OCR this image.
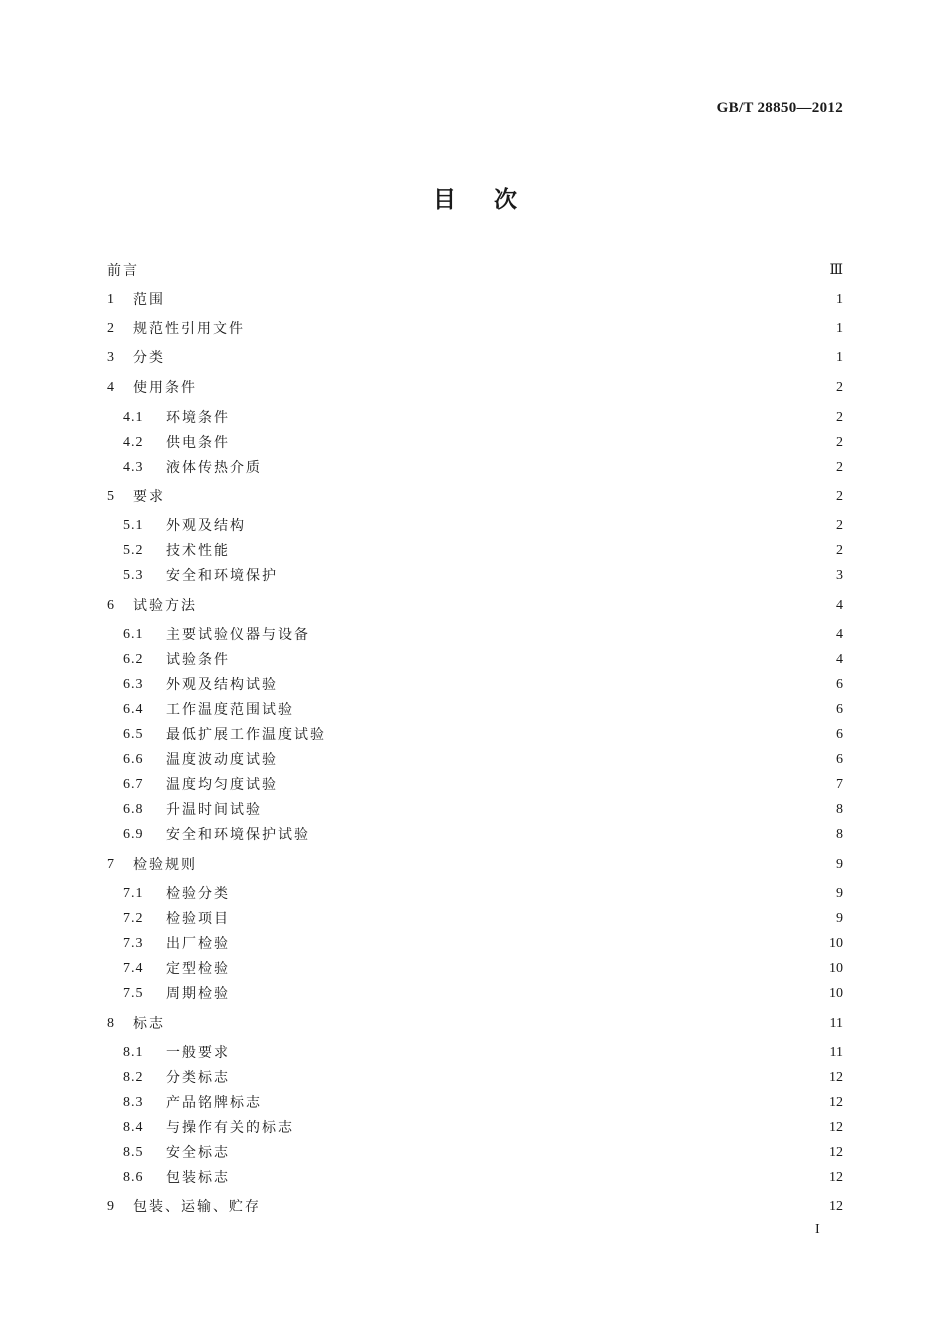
GB/T 28850—2012
目次
前言	Ⅲ
1	范围	1
2	规范性引用文件	1
3	分类	1
4	使用条件	2
4.1	环境条件	2
4.2	供电条件	2
4.3	液体传热介质	2
5	要求	2
5.1	外观及结构	2
5.2	技术性能	2
5.3	安全和环境保护	3
6	试验方法	4
6.1	主要试验仪器与设备	4
6.2	试验条件	4
6.3	外观及结构试验	6
6.4	工作温度范围试验	6
6.5	最低扩展工作温度试验	6
6.6	温度波动度试验	6
6.7	温度均匀度试验	7
6.8	升温时间试验	8
6.9	安全和环境保护试验	8
7	检验规则	9
7.1	检验分类	9
7.2	检验项目	9
7.3	出厂检验	10
7.4	定型检验	10
7.5	周期检验	10
8	标志	11
8.1	一般要求	11
8.2	分类标志	12
8.3	产品铭牌标志	12
8.4	与操作有关的标志	12
8.5	安全标志	12
8.6	包装标志	12
9	包装、运输、贮存	12
I
